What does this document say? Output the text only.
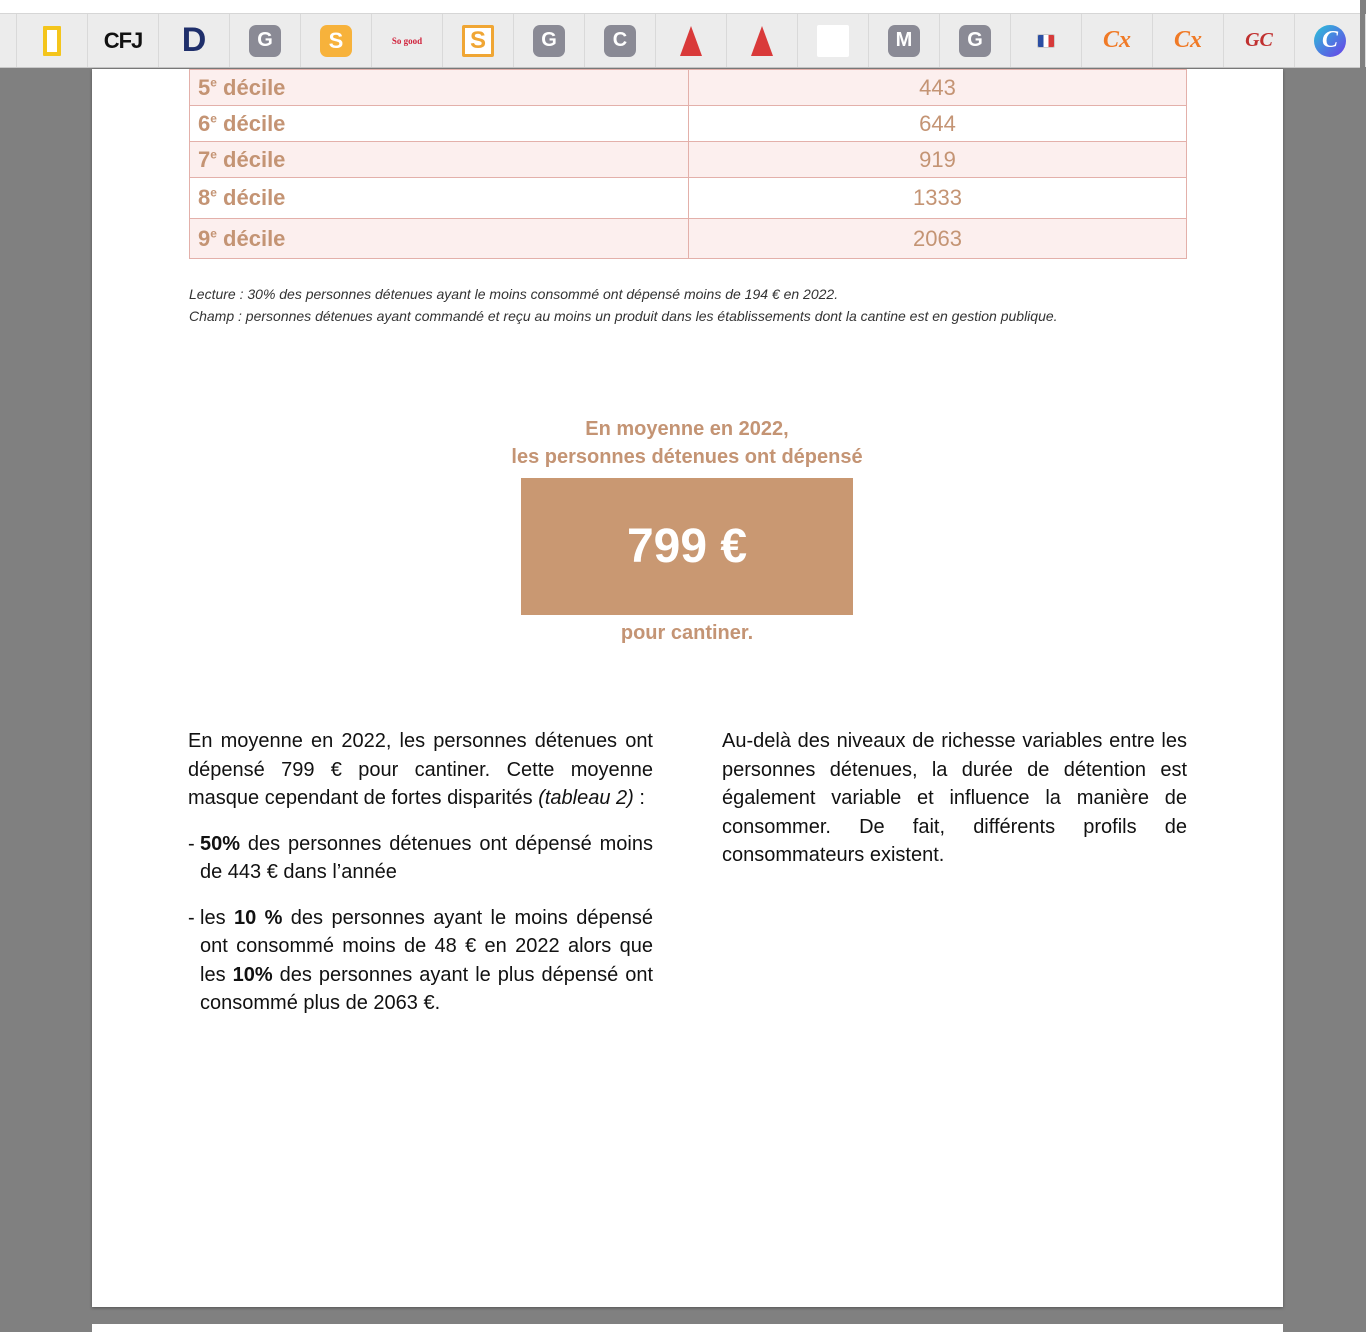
CFJ D	G	S	So good	S	G	C	M	G	Cx Cx	GC	C
5e décile	443
6e décile	644
7e décile	919
8e décile	1333
9e décile	2063
Lecture : 30% des personnes détenues ayant le moins consommé ont dépensé moins de 194 € en 2022.
Champ : personnes détenues ayant commandé et reçu au moins un produit dans les établissements dont la cantine est en gestion publique.
En moyenne en 2022,
les personnes détenues ont dépensé
799 €
pour cantiner.

En moyenne en 2022, les personnes détenues ont dépensé 799 € pour cantiner. Cette moyenne masque cependant de fortes disparités (tableau 2) :

- 50% des personnes détenues ont dépensé moins de 443 € dans l’année
- les 10 % des personnes ayant le moins dépensé ont consommé moins de 48 € en 2022 alors que les 10% des personnes ayant le plus dépensé ont consommé plus de 2063 €.

Au-delà des niveaux de richesse variables entre les personnes détenues, la durée de détention est également variable et influence la manière de consommer. De fait, différents profils de consommateurs existent.
